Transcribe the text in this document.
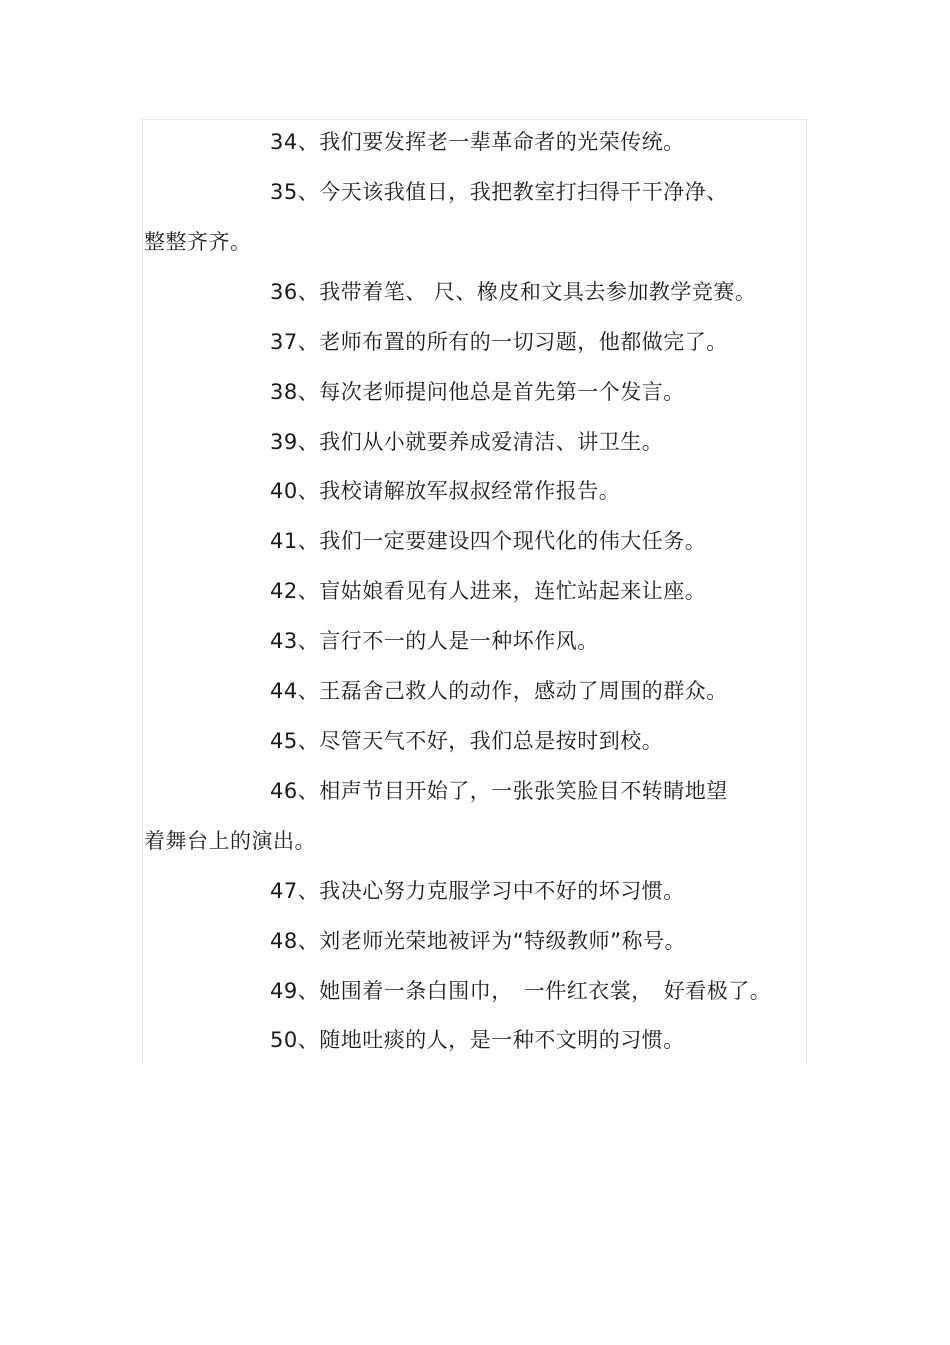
34、我们要发挥老一辈革命者的光荣传统。
35、今天该我值日，我把教室打扫得干干净净、
整整齐齐。
36、我带着笔、 尺、橡皮和文具去参加教学竞赛。
37、老师布置的所有的一切习题，他都做完了。
38、每次老师提问他总是首先第一个发言。
39、我们从小就要养成爱清洁、讲卫生。
40、我校请解放军叔叔经常作报告。
41、我们一定要建设四个现代化的伟大任务。
42、盲姑娘看见有人进来，连忙站起来让座。
43、言行不一的人是一种坏作风。
44、王磊舍己救人的动作，感动了周围的群众。
45、尽管天气不好，我们总是按时到校。
46、相声节目开始了，一张张笑脸目不转睛地望
着舞台上的演出。
47、我决心努力克服学习中不好的坏习惯。
48、刘老师光荣地被评为“特级教师”称号。
49、她围着一条白围巾，　一件红衣裳，　好看极了。
50、随地吐痰的人，是一种不文明的习惯。
